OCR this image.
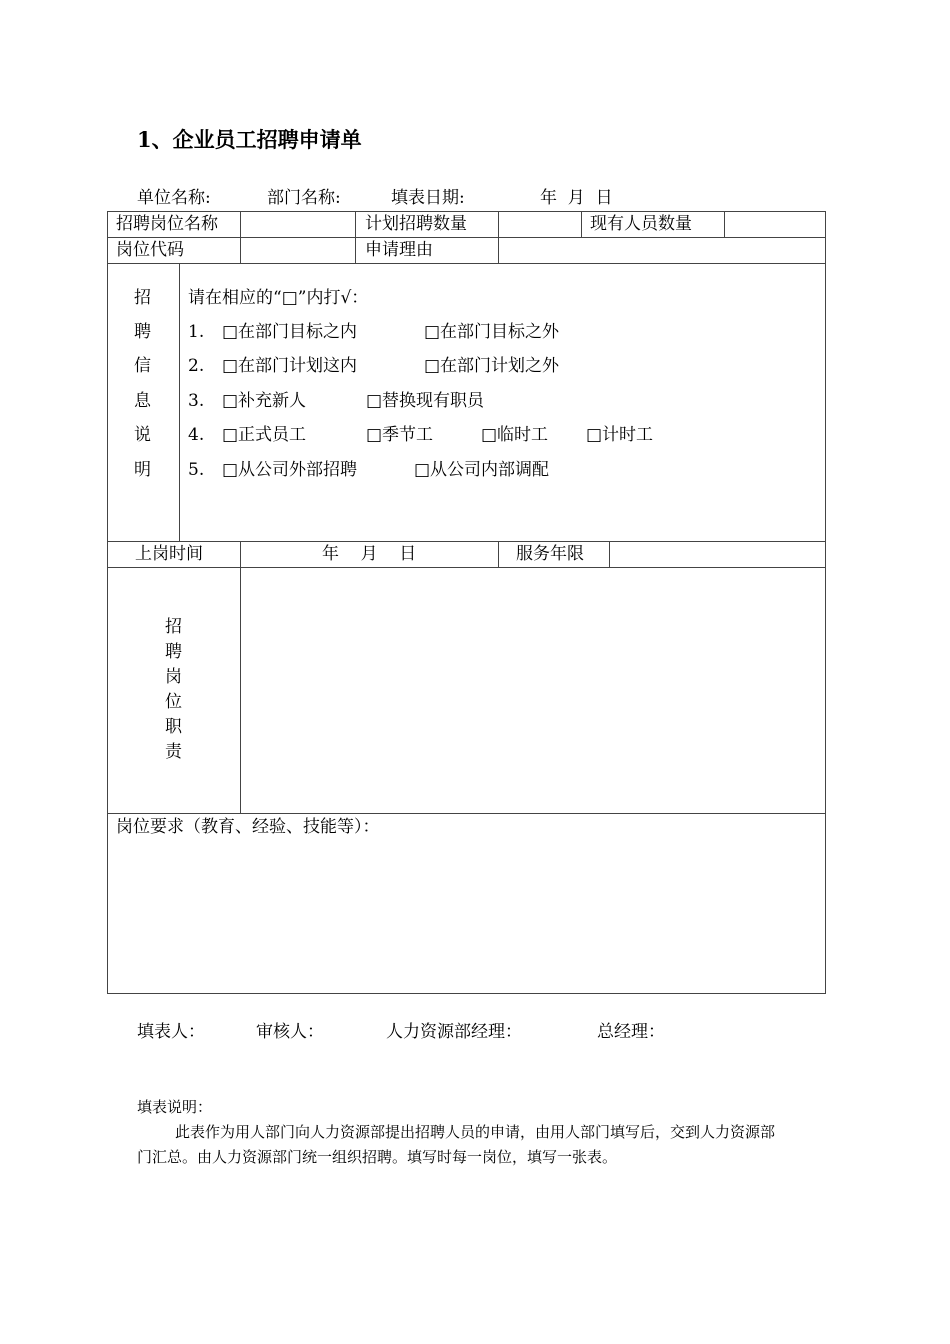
1、企业员工招聘申请单
单位名称:	部门名称:	填表日期:	年  月  日
招聘岗位名称	计划招聘数量	现有人员数量
岗位代码	申请理由
招
聘
信
息
说
明
请在相应的“□”内打√：
1. □在部门目标之内	□在部门目标之外
2. □在部门计划这内	□在部门计划之外
3. □补充新人	□替换现有职员
4. □正式员工	□季节工	□临时工 □计时工
5. □从公司外部招聘	□从公司内部调配
上岗时间	年    月    日	服务年限
招
聘
岗
位
职
责
岗位要求（教育、经验、技能等）：
填表人：	审核人：	人力资源部经理：	总经理：
填表说明：
此表作为用人部门向人力资源部提出招聘人员的申请，由用人部门填写后，交到人力资源部
门汇总。由人力资源部门统一组织招聘。填写时每一岗位，填写一张表。
